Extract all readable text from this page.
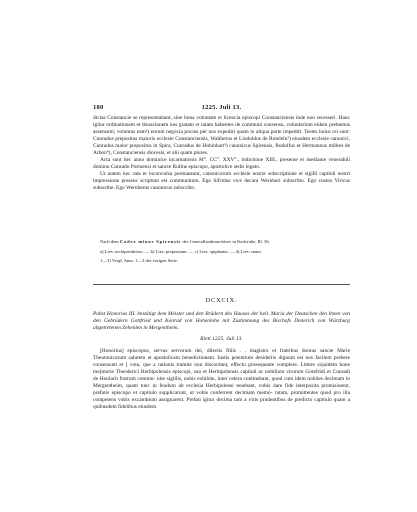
180	1225. Juli 13.

dictas Constancie se representabant, sine bona voluntate et licencia episcopi Constanciensis inde non recesseri. Hanc igitur ordinationem et donacionem nos gratam et ratam habentes de communi consensu, voluntarium eidem prebemus assensum; volumus eam¹) eorum negocia pocius per nos expedirí quam in aliqua parte impedirí. Testes huius rei sunt: Cunradus prepositus maioris ecclesie Constanciensis, Waltherus et Liudoldus de Roteleín²) eiusdem ecclesie canonici, Cunradus maior prepositus in Spira, Cunradus de Hohinhart³) canonicus Spirensis, Rudolfus et Hermannus milites de Arbon⁴), Constanciensis diocesis, et alii quam plures.

Acta sunt hec anno dominice incarnationis M°. CC°. XXV°., indictione XIII., presente et mediante venerabili domino Cunrado Portuensi et sancte Rufine episcopo, apostolice sedis legato.

Ut autem hec rata et inconvulsa permaneant, canonicorum ecclesie nostre subscriptione et sigilli capituli nostri impressione presens scriptum est communitum. Ego Sifridus vice decani Wernheri subscribo. Ego custos Viricus subscribe. Ego Wernherus canonicus subscribo.

Nach dem Codex minor Spirensis des Generallandesarchives in Karlsruhe, Bl. 36.
a) Lies: archipresbitero. — b) Lies: prepositum. — c) Lies: apiphania. — d) Lies: suum.
1—3) Vergl. Anm. 1—3 der vorigen Seite.
DCXCIX.
Pabst Honorius III. bestätigt dem Meister und den Brüdern des Hauses der heil. Maria der Deutschen den ihnen von den Gebrüdern Gottfried und Konrad von Hohenlohe mit Zustimmung des Bischofs Dieterich von Würzburg abgetretenen Zehenten in Mergentheim.
Rieti 1225. Juli 13.

[Honorius] episcopus, servus servorum dei, dilectis filiis . . magistro et fratribus domus sancte Marie Theutonicorum salutem et apostolicam benedictionem. Iustis petentium desideriis dignum est nos facilem prebere consensum et [ vota, que a rationis tramite non discordant, effectu prosequente complere. Littere siquidem bone me[morie Theoderici Herbipolensis episcopi, suo et Herbipolensis capituli ac nobilium virorum Gotefridi et Conradi de Hoolach fratrum commu- nite sigillis, nobis exhibite, inter cetera continebant, quod cum idem nobiles decimam in Mergentheim, quam tunc in feudum ab ecclesia Herbipolensi tenebant, vobis dare fide interposita promisissent, prefatis episcopo et capitulo supplicarunt, ut vobis conferrent decimam memo- ratam, promittentes quod pro illa competens vobis excambium assignarent. Prefati igitur decima tam a viris prudentibus de predicto capitulo quam a quibusdem fidelibus eiusdem
